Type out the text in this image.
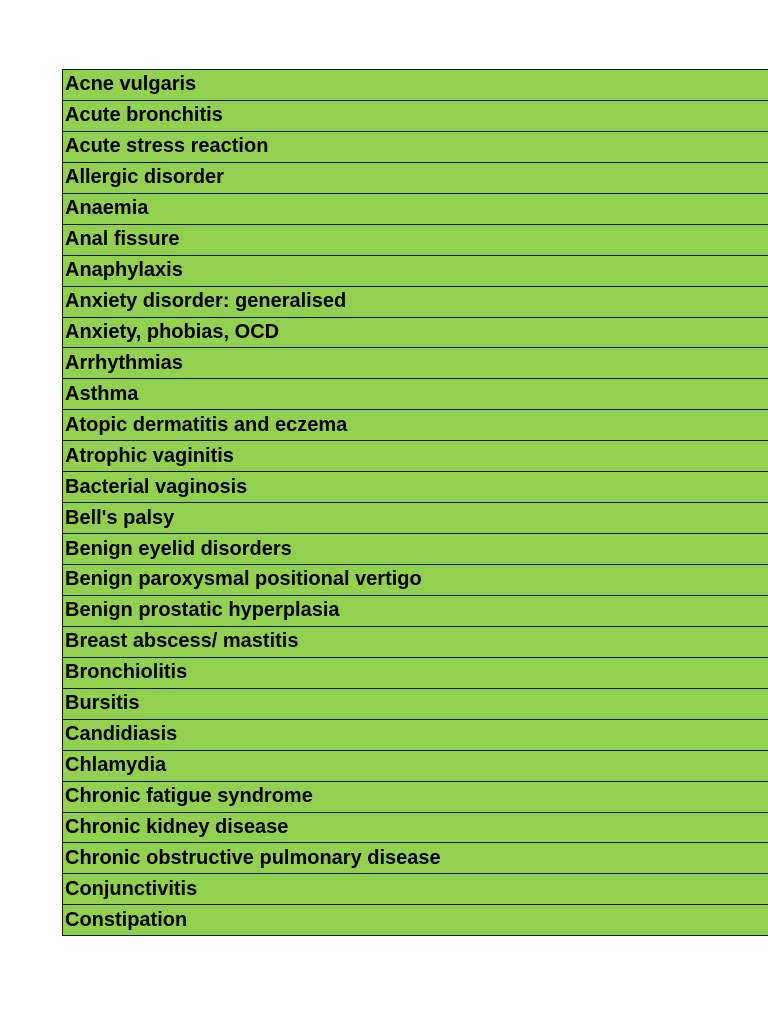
Acne vulgaris
Acute bronchitis
Acute stress reaction
Allergic disorder
Anaemia
Anal fissure
Anaphylaxis
Anxiety disorder: generalised
Anxiety, phobias, OCD
Arrhythmias
Asthma
Atopic dermatitis and eczema
Atrophic vaginitis
Bacterial vaginosis
Bell's palsy
Benign eyelid disorders
Benign paroxysmal positional vertigo
Benign prostatic hyperplasia
Breast abscess/ mastitis
Bronchiolitis
Bursitis
Candidiasis
Chlamydia
Chronic fatigue syndrome
Chronic kidney disease
Chronic obstructive pulmonary disease
Conjunctivitis
Constipation
